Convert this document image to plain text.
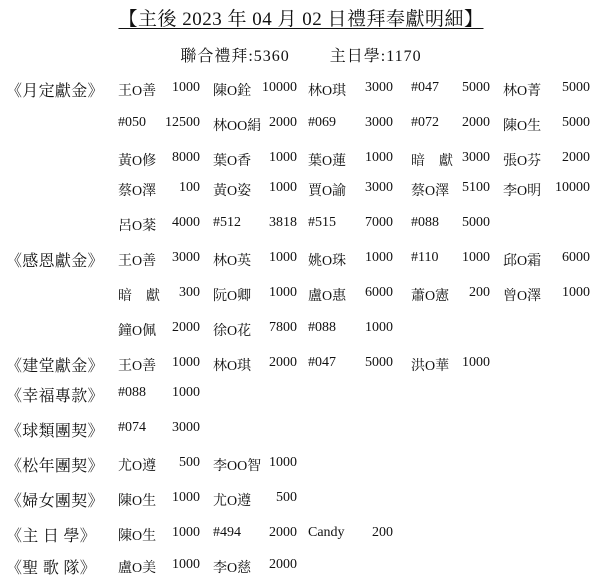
【主後 2023 年 04 月 02 日禮拜奉獻明細】
聯合禮拜:5360	主日學:1170
《月定獻金》	王O善	1000 陳O銓 10000 林O琪	3000 #047	5000 林O菁	5000
#050	12500 林OO絹 2000 #069	3000 #072	2000 陳O生	5000
黃O修	8000 葉O香	1000 葉O蓮	1000 暗　獻 3000 張O芬	2000
蔡O澤	100 黃O姿	1000 賈O諭	3000 蔡O澤 5100 李O明 10000
呂O棻	4000 #512	3818 #515	7000 #088	5000
《感恩獻金》	王O善	3000 林O英	1000 姚O珠	1000 #110	1000 邱O霜	6000
暗　獻	300 阮O卿	1000 盧O惠	6000 蕭O憲	200 曾O澤	1000
鐘O佩	2000 徐O花	7800 #088	1000
《建堂獻金》	王O善	1000 林O琪	2000 #047	5000 洪O華 1000
《幸福專款》	#088	1000
《球類團契》	#074	3000
《松年團契》	尤O遵	500 李OO智 1000
《婦女團契》	陳O生	1000 尤O遵	500
《主 日 學》	陳O生	1000 #494	2000 Candy	200
《聖 歌 隊》	盧O美	1000 李O慈	2000
